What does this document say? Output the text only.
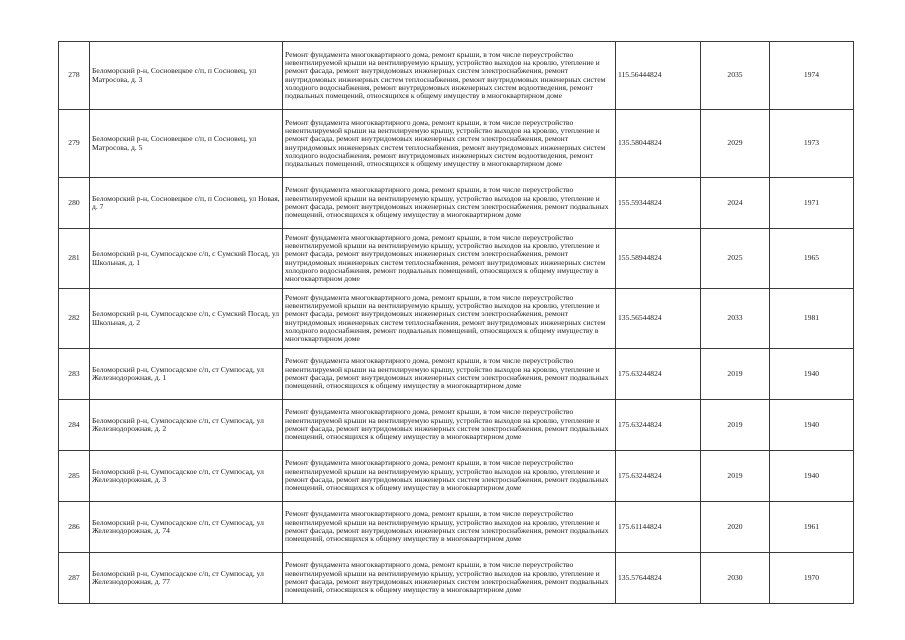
278	Беломорский р-н, Сосновецкое с/п, п Сосновец, ул Матросова, д. 3	Ремонт фундамента многоквартирного дома, ремонт крыши, в том числе переустройство невентилируемой крыши на вентилируемую крышу, устройство выходов на кровлю, утепление и ремонт фасада, ремонт внутридомовых инженерных систем электроснабжения, ремонт внутридомовых инженерных систем теплоснабжения, ремонт внутридомовых инженерных систем холодного водоснабжения, ремонт внутридомовых инженерных систем водоотведения, ремонт подвальных помещений, относящихся к общему имуществу в многоквартирном доме	115.56444824	2035	1974
279	Беломорский р-н, Сосновецкое с/п, п Сосновец, ул Матросова, д. 5	Ремонт фундамента многоквартирного дома, ремонт крыши, в том числе переустройство невентилируемой крыши на вентилируемую крышу, устройство выходов на кровлю, утепление и ремонт фасада, ремонт внутридомовых инженерных систем электроснабжения, ремонт внутридомовых инженерных систем теплоснабжения, ремонт внутридомовых инженерных систем холодного водоснабжения, ремонт внутридомовых инженерных систем водоотведения, ремонт подвальных помещений, относящихся к общему имуществу в многоквартирном доме	135.58044824	2029	1973
280	Беломорский р-н, Сосновецкое с/п, п Сосновец, ул Новая, д. 7	Ремонт фундамента многоквартирного дома, ремонт крыши, в том числе переустройство невентилируемой крыши на вентилируемую крышу, устройство выходов на кровлю, утепление и ремонт фасада, ремонт внутридомовых инженерных систем электроснабжения, ремонт подвальных помещений, относящихся к общему имуществу в многоквартирном доме	155.59344824	2024	1971
281	Беломорский р-н, Сумпосадское с/п, с Сумский Посад, ул Школьная, д. 1	Ремонт фундамента многоквартирного дома, ремонт крыши, в том числе переустройство невентилируемой крыши на вентилируемую крышу, устройство выходов на кровлю, утепление и ремонт фасада, ремонт внутридомовых инженерных систем электроснабжения, ремонт внутридомовых инженерных систем теплоснабжения, ремонт внутридомовых инженерных систем холодного водоснабжения, ремонт подвальных помещений, относящихся к общему имуществу в многоквартирном доме	155.58944824	2025	1965
282	Беломорский р-н, Сумпосадское с/п, с Сумский Посад, ул Школьная, д. 2	Ремонт фундамента многоквартирного дома, ремонт крыши, в том числе переустройство невентилируемой крыши на вентилируемую крышу, устройство выходов на кровлю, утепление и ремонт фасада, ремонт внутридомовых инженерных систем электроснабжения, ремонт внутридомовых инженерных систем теплоснабжения, ремонт внутридомовых инженерных систем холодного водоснабжения, ремонт подвальных помещений, относящихся к общему имуществу в многоквартирном доме	135.56544824	2033	1981
283	Беломорский р-н, Сумпосадское с/п, ст Сумпосад, ул Железнодорожная, д. 1	Ремонт фундамента многоквартирного дома, ремонт крыши, в том числе переустройство невентилируемой крыши на вентилируемую крышу, устройство выходов на кровлю, утепление и ремонт фасада, ремонт внутридомовых инженерных систем электроснабжения, ремонт подвальных помещений, относящихся к общему имуществу в многоквартирном доме	175.63244824	2019	1940
284	Беломорский р-н, Сумпосадское с/п, ст Сумпосад, ул Железнодорожная, д. 2	Ремонт фундамента многоквартирного дома, ремонт крыши, в том числе переустройство невентилируемой крыши на вентилируемую крышу, устройство выходов на кровлю, утепление и ремонт фасада, ремонт внутридомовых инженерных систем электроснабжения, ремонт подвальных помещений, относящихся к общему имуществу в многоквартирном доме	175.63244824	2019	1940
285	Беломорский р-н, Сумпосадское с/п, ст Сумпосад, ул Железнодорожная, д. 3	Ремонт фундамента многоквартирного дома, ремонт крыши, в том числе переустройство невентилируемой крыши на вентилируемую крышу, устройство выходов на кровлю, утепление и ремонт фасада, ремонт внутридомовых инженерных систем электроснабжения, ремонт подвальных помещений, относящихся к общему имуществу в многоквартирном доме	175.63244824	2019	1940
286	Беломорский р-н, Сумпосадское с/п, ст Сумпосад, ул Железнодорожная, д. 74	Ремонт фундамента многоквартирного дома, ремонт крыши, в том числе переустройство невентилируемой крыши на вентилируемую крышу, устройство выходов на кровлю, утепление и ремонт фасада, ремонт внутридомовых инженерных систем электроснабжения, ремонт подвальных помещений, относящихся к общему имуществу в многоквартирном доме	175.61144824	2020	1961
287	Беломорский р-н, Сумпосадское с/п, ст Сумпосад, ул Железнодорожная, д. 77	Ремонт фундамента многоквартирного дома, ремонт крыши, в том числе переустройство невентилируемой крыши на вентилируемую крышу, устройство выходов на кровлю, утепление и ремонт фасада, ремонт внутридомовых инженерных систем электроснабжения, ремонт подвальных помещений, относящихся к общему имуществу в многоквартирном доме	135.57644824	2030	1970
